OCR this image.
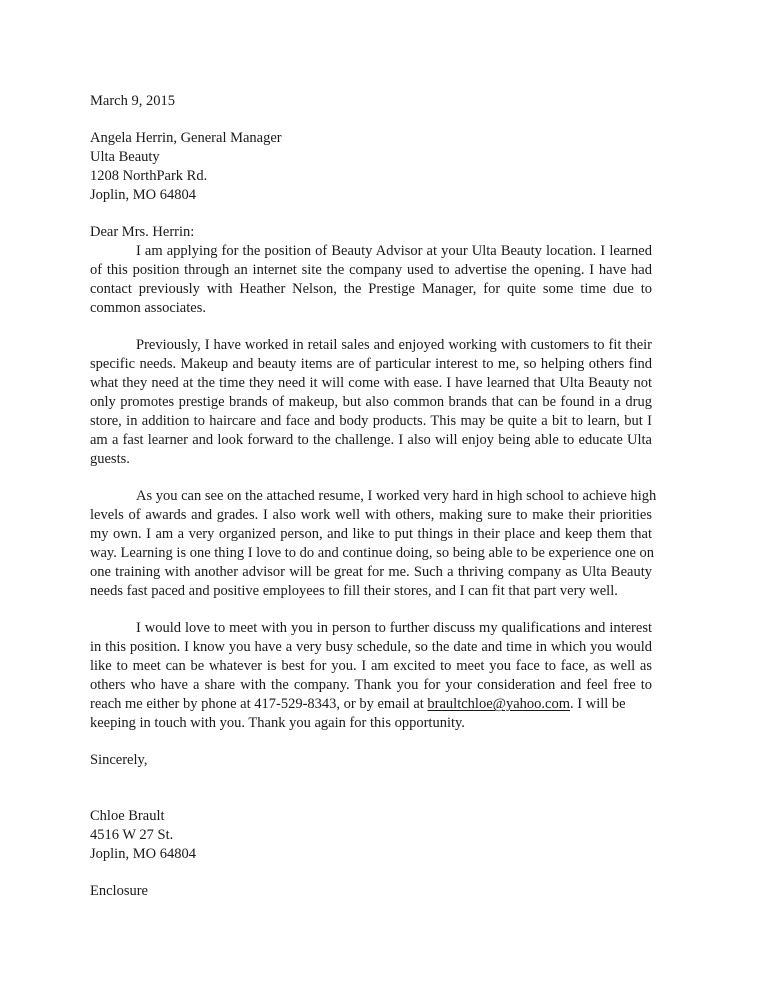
March 9, 2015
Angela Herrin, General Manager
Ulta Beauty
1208 NorthPark Rd.
Joplin, MO 64804
Dear Mrs. Herrin:
I am applying for the position of Beauty Advisor at your Ulta Beauty location. I learned
of this position through an internet site the company used to advertise the opening. I have had
contact previously with Heather Nelson, the Prestige Manager, for quite some time due to
common associates.
Previously, I have worked in retail sales and enjoyed working with customers to fit their
specific needs. Makeup and beauty items are of particular interest to me, so helping others find
what they need at the time they need it will come with ease. I have learned that Ulta Beauty not
only promotes prestige brands of makeup, but also common brands that can be found in a drug
store, in addition to haircare and face and body products. This may be quite a bit to learn, but I
am a fast learner and look forward to the challenge. I also will enjoy being able to educate Ulta
guests.
As you can see on the attached resume, I worked very hard in high school to achieve high
levels of awards and grades. I also work well with others, making sure to make their priorities
my own. I am a very organized person, and like to put things in their place and keep them that
way. Learning is one thing I love to do and continue doing, so being able to be experience one on
one training with another advisor will be great for me. Such a thriving company as Ulta Beauty
needs fast paced and positive employees to fill their stores, and I can fit that part very well.
I would love to meet with you in person to further discuss my qualifications and interest
in this position. I know you have a very busy schedule, so the date and time in which you would
like to meet can be whatever is best for you. I am excited to meet you face to face, as well as
others who have a share with the company. Thank you for your consideration and feel free to
reach me either by phone at 417-529-8343, or by email at braultchloe@yahoo.com. I will be
keeping in touch with you. Thank you again for this opportunity.
Sincerely,
Chloe Brault
4516 W 27 St.
Joplin, MO 64804
Enclosure
